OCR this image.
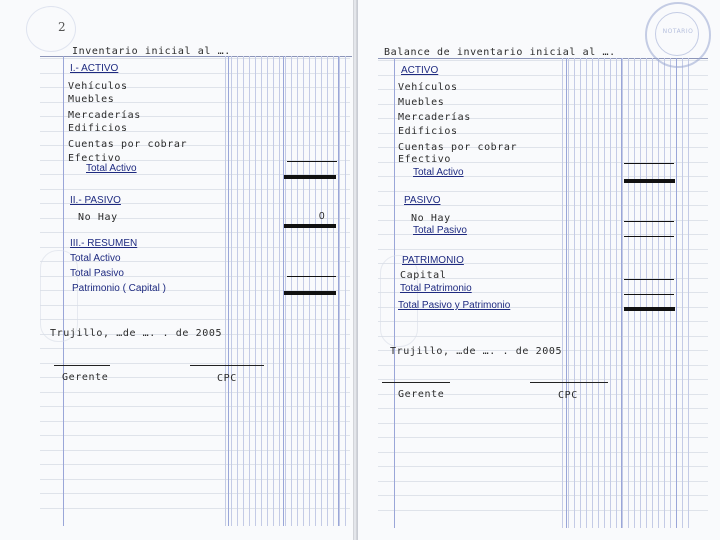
NOTARIO
2
Inventario inicial al ….
I.- ACTIVO
Vehículos
Muebles
Mercaderías
Edificios
Cuentas por cobrar
Efectivo
Total Activo
II.- PASIVO
No Hay	0
III.- RESUMEN
Total Activo
Total Pasivo
Patrimonio ( Capital )
Trujillo, …de …. . de 2005
Gerente	CPC
Balance de inventario inicial al ….
ACTIVO
Vehículos
Muebles
Mercaderías
Edificios
Cuentas por cobrar
Efectivo
Total Activo
PASIVO
No Hay
Total Pasivo
PATRIMONIO
Capital
Total Patrimonio
Total Pasivo y Patrimonio
Trujillo, …de …. . de 2005
Gerente	CPC
